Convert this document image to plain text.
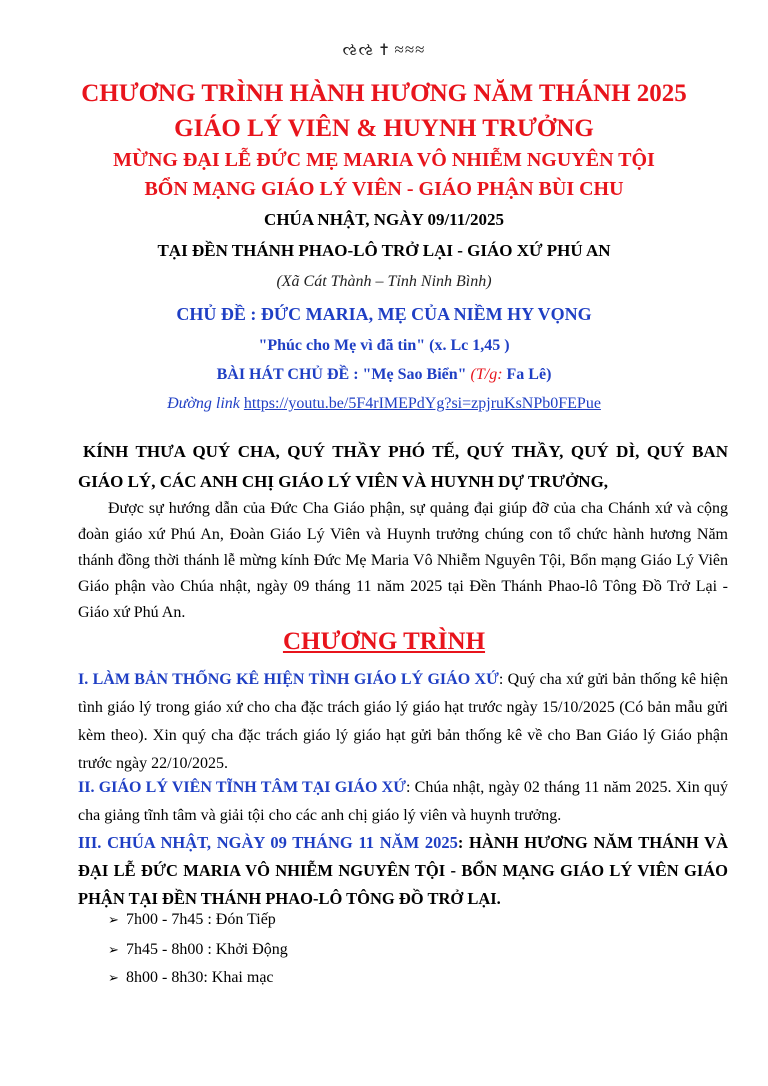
ઌઌ ✝ ≈≈≈
CHƯƠNG TRÌNH HÀNH HƯƠNG NĂM THÁNH 2025
GIÁO LÝ VIÊN & HUYNH TRƯỞNG
MỪNG ĐẠI LỄ ĐỨC MẸ MARIA VÔ NHIỄM NGUYÊN TỘI
BỔN MẠNG GIÁO LÝ VIÊN - GIÁO PHẬN BÙI CHU
CHÚA NHẬT, NGÀY 09/11/2025
TẠI ĐỀN THÁNH PHAO-LÔ TRỞ LẠI - GIÁO XỨ PHÚ AN
(Xã Cát Thành – Tỉnh Ninh Bình)
CHỦ ĐỀ : ĐỨC MARIA, MẸ CỦA NIỀM HY VỌNG
"Phúc cho Mẹ vì đã tin" (x. Lc 1,45 )
BÀI HÁT CHỦ ĐỀ : "Mẹ Sao Biển" (T/g: Fa Lê)
Đường link https://youtu.be/5F4rIMEPdYg?si=zpjruKsNPb0FEPue
KÍNH THƯA QUÝ CHA, QUÝ THẦY PHÓ TẾ, QUÝ THẦY, QUÝ DÌ, QUÝ BAN GIÁO LÝ, CÁC ANH CHỊ GIÁO LÝ VIÊN VÀ HUYNH DỰ TRƯỞNG,
Được sự hướng dẫn của Đức Cha Giáo phận, sự quảng đại giúp đỡ của cha Chánh xứ và cộng đoàn giáo xứ Phú An, Đoàn Giáo Lý Viên và Huynh trưởng chúng con tổ chức hành hương Năm thánh đồng thời thánh lễ mừng kính Đức Mẹ Maria Vô Nhiễm Nguyên Tội, Bổn mạng Giáo Lý Viên Giáo phận vào Chúa nhật, ngày 09 tháng 11 năm 2025 tại Đền Thánh Phao-lô Tông Đồ Trở Lại - Giáo xứ Phú An.
CHƯƠNG TRÌNH
I. LÀM BẢN THỐNG KÊ HIỆN TÌNH GIÁO LÝ GIÁO XỨ: Quý cha xứ gửi bản thống kê hiện tình giáo lý trong giáo xứ cho cha đặc trách giáo lý giáo hạt trước ngày 15/10/2025 (Có bản mẫu gửi kèm theo). Xin quý cha đặc trách giáo lý giáo hạt gửi bản thống kê về cho Ban Giáo lý Giáo phận trước ngày 22/10/2025.
II. GIÁO LÝ VIÊN TĨNH TÂM TẠI GIÁO XỨ: Chúa nhật, ngày 02 tháng 11 năm 2025. Xin quý cha giảng tĩnh tâm và giải tội cho các anh chị giáo lý viên và huynh trưởng.
III. CHÚA NHẬT, NGÀY 09 THÁNG 11 NĂM 2025: HÀNH HƯƠNG NĂM THÁNH VÀ ĐẠI LỄ ĐỨC MARIA VÔ NHIỄM NGUYÊN TỘI - BỔN MẠNG GIÁO LÝ VIÊN GIÁO PHẬN TẠI ĐỀN THÁNH PHAO-LÔ TÔNG ĐỒ TRỞ LẠI.
➢ 7h00 - 7h45 : Đón Tiếp
➢ 7h45 - 8h00 : Khởi Động
➢ 8h00 - 8h30: Khai mạc
